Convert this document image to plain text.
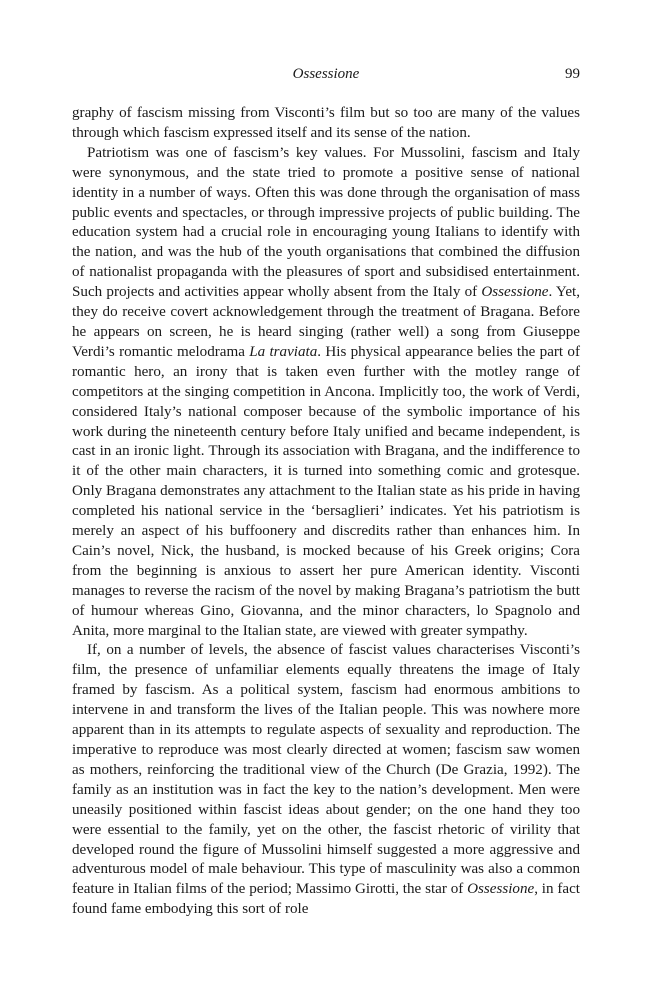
Ossessione	99

graphy of fascism missing from Visconti’s film but so too are many of the values through which fascism expressed itself and its sense of the nation.

Patriotism was one of fascism’s key values. For Mussolini, fascism and Italy were synonymous, and the state tried to promote a positive sense of national identity in a number of ways. Often this was done through the organisation of mass public events and spectacles, or through impressive projects of public building. The education system had a crucial role in encouraging young Italians to identify with the nation, and was the hub of the youth organisations that combined the diffusion of nationalist propaganda with the pleasures of sport and subsidised entertainment. Such projects and activities appear wholly absent from the Italy of Ossessione. Yet, they do receive covert acknowledgement through the treatment of Bragana. Before he appears on screen, he is heard singing (rather well) a song from Giuseppe Verdi’s romantic melodrama La traviata. His physical appearance belies the part of romantic hero, an irony that is taken even further with the motley range of competitors at the singing competition in Ancona. Implicitly too, the work of Verdi, considered Italy’s national composer because of the symbolic importance of his work during the nineteenth century before Italy unified and became independent, is cast in an ironic light. Through its association with Bragana, and the indifference to it of the other main characters, it is turned into something comic and grotesque. Only Bragana demonstrates any attachment to the Italian state as his pride in having completed his national service in the ‘bersaglieri’ indicates. Yet his patriotism is merely an aspect of his buffoonery and discredits rather than enhances him. In Cain’s novel, Nick, the husband, is mocked because of his Greek origins; Cora from the beginning is anxious to assert her pure American identity. Visconti manages to reverse the racism of the novel by making Bragana’s patriotism the butt of humour whereas Gino, Giovanna, and the minor characters, lo Spagnolo and Anita, more marginal to the Italian state, are viewed with greater sympathy.

If, on a number of levels, the absence of fascist values characterises Visconti’s film, the presence of unfamiliar elements equally threatens the image of Italy framed by fascism. As a political system, fascism had enormous ambitions to intervene in and transform the lives of the Italian people. This was nowhere more apparent than in its attempts to regulate aspects of sexuality and reproduction. The imperative to reproduce was most clearly directed at women; fascism saw women as mothers, reinforcing the traditional view of the Church (De Grazia, 1992). The family as an institution was in fact the key to the nation’s development. Men were uneasily positioned within fascist ideas about gender; on the one hand they too were essential to the family, yet on the other, the fascist rhetoric of virility that developed round the figure of Mussolini himself suggested a more aggressive and adventurous model of male behaviour. This type of masculinity was also a common feature in Italian films of the period; Massimo Girotti, the star of Ossessione, in fact found fame embodying this sort of role
